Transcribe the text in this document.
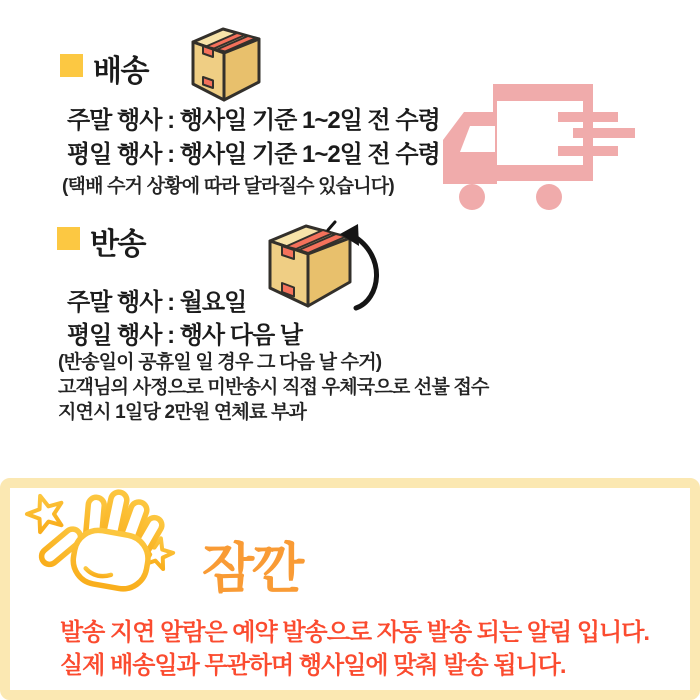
배송
주말 행사 : 행사일 기준 1~2일 전 수령
평일 행사 : 행사일 기준 1~2일 전 수령
(택배 수거 상황에 따라 달라질수 있습니다)
반송
주말 행사 : 월요일
평일 행사 : 행사 다음 날
(반송일이 공휴일 일 경우 그 다음 날 수거)
고객님의 사정으로 미반송시 직접 우체국으로 선불 접수
지연시 1일당 2만원 연체료 부과
잠깐
발송 지연 알람은 예약 발송으로 자동 발송 되는 알림 입니다.
실제 배송일과 무관하며 행사일에 맞춰 발송 됩니다.
